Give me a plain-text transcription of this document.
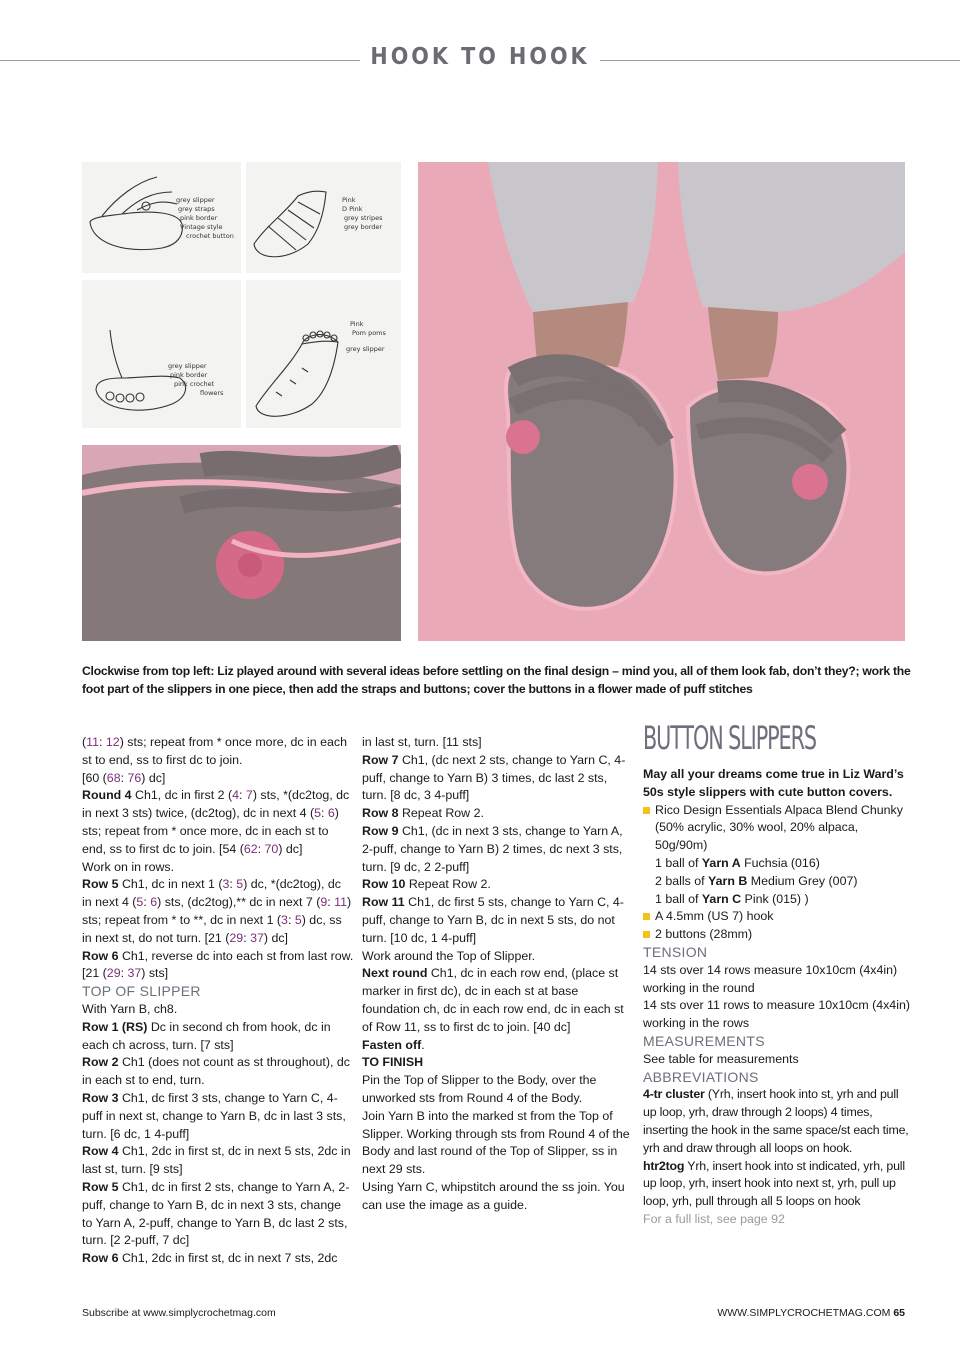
HOOK TO HOOK
grey slipper grey straps pink border Vintage style crochet button
Pink D Pink grey stripes grey border
grey slipper pink border pink crochet flowers
Pink Pom poms grey slipper
Clockwise from top left: Liz played around with several ideas before settling on the final design – mind you, all of them look fab, don’t they?; work the foot part of the slippers in one piece, then add the straps and buttons; cover the buttons in a flower made of puff stitches

(11: 12) sts; repeat from * once more, dc in each st to end, ss to first dc to join.

[60 (68: 76) dc]

Round 4 Ch1, dc in first 2 (4: 7) sts, *(dc2tog, dc in next 3 sts) twice, (dc2tog), dc in next 4 (5: 6) sts; repeat from * once more, dc in each st to end, ss to first dc to join. [54 (62: 70) dc]

Work on in rows.

Row 5 Ch1, dc in next 1 (3: 5) dc, *(dc2tog), dc in next 4 (5: 6) sts, (dc2tog),** dc in next 7 (9: 11) sts; repeat from * to **, dc in next 1 (3: 5) dc, ss in next st, do not turn. [21 (29: 37) dc]

Row 6 Ch1, reverse dc into each st from last row. [21 (29: 37) sts]

TOP OF SLIPPER

With Yarn B, ch8.

Row 1 (RS) Dc in second ch from hook, dc in each ch across, turn. [7 sts]

Row 2 Ch1 (does not count as st throughout), dc in each st to end, turn.

Row 3 Ch1, dc first 3 sts, change to Yarn C, 4-puff in next st, change to Yarn B, dc in last 3 sts, turn. [6 dc, 1 4-puff]

Row 4 Ch1, 2dc in first st, dc in next 5 sts, 2dc in last st, turn. [9 sts]

Row 5 Ch1, dc in first 2 sts, change to Yarn A, 2-puff, change to Yarn B, dc in next 3 sts, change to Yarn A, 2-puff, change to Yarn B, dc last 2 sts, turn. [2 2-puff, 7 dc]

Row 6 Ch1, 2dc in first st, dc in next 7 sts, 2dc

in last st, turn. [11 sts]

Row 7 Ch1, (dc next 2 sts, change to Yarn C, 4-puff, change to Yarn B) 3 times, dc last 2 sts, turn. [8 dc, 3 4-puff]

Row 8 Repeat Row 2.

Row 9 Ch1, (dc in next 3 sts, change to Yarn A, 2-puff, change to Yarn B) 2 times, dc next 3 sts, turn. [9 dc, 2 2-puff]

Row 10 Repeat Row 2.

Row 11 Ch1, dc first 5 sts, change to Yarn C, 4-puff, change to Yarn B, dc in next 5 sts, do not turn. [10 dc, 1 4-puff]

Work around the Top of Slipper.

Next round Ch1, dc in each row end, (place st marker in first dc), dc in each st at base foundation ch, dc in each row end, dc in each st of Row 11, ss to first dc to join. [40 dc]

Fasten off.

TO FINISH

Pin the Top of Slipper to the Body, over the unworked sts from Round 4 of the Body.

Join Yarn B into the marked st from the Top of Slipper. Working through sts from Round 4 of the Body and last round of the Top of Slipper, ss in next 29 sts.

Using Yarn C, whipstitch around the ss join. You can use the image as a guide.

BUTTON SLIPPERS

May all your dreams come true in Liz Ward’s 50s style slippers with cute button covers.

Rico Design Essentials Alpaca Blend Chunky (50% acrylic, 30% wool, 20% alpaca, 50g/90m)

1 ball of Yarn A Fuchsia (016)

2 balls of Yarn B Medium Grey (007)

1 ball of Yarn C Pink (015) )

A 4.5mm (US 7) hook

2 buttons (28mm)

TENSION

14 sts over 14 rows measure 10x10cm (4x4in) working in the round

14 sts over 11 rows to measure 10x10cm (4x4in) working in the rows

MEASUREMENTS

See table for measurements

ABBREVIATIONS

4-tr cluster (Yrh, insert hook into st, yrh and pull up loop, yrh, draw through 2 loops) 4 times, inserting the hook in the same space/st each time, yrh and draw through all loops on hook.

htr2tog Yrh, insert hook into st indicated, yrh, pull up loop, yrh, insert hook into next st, yrh, pull up loop, yrh, pull through all 5 loops on hook

For a full list, see page 92

Subscribe at www.simplycrochetmag.com	WWW.SIMPLYCROCHETMAG.COM 65
